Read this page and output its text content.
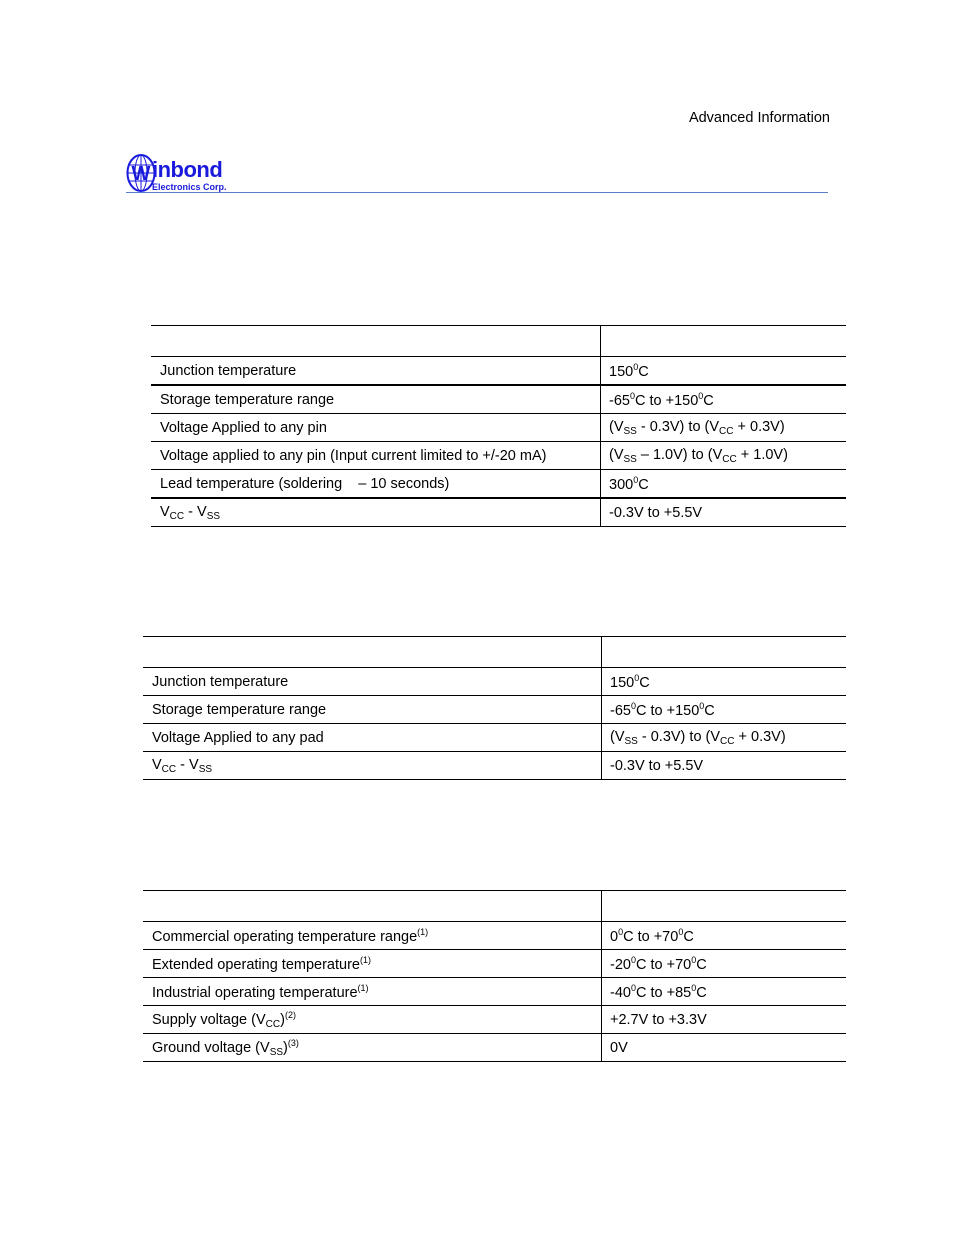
Advanced Information
W inbond
Electronics Corp.

Junction temperature	$150^0C$
Storage temperature range	$-65^0C$ to $+150^0C$
Voltage Applied to any pin	$(V_{SS} - 0.3V)$ to $(V_{CC} + 0.3V)$
Voltage applied to any pin (Input current limited to +/-20 mA)	$(V_{SS} - 1.0V)$ to $(V_{CC} + 1.0V)$
Lead temperature (soldering    – 10 seconds)	$300^0C$
$V_{CC} - V_{SS}$	-0.3V to +5.5V

Junction temperature	$150^0C$
Storage temperature range	$-65^0C$ to $+150^0C$
Voltage Applied to any pad	$(V_{SS} - 0.3V)$ to $(V_{CC} + 0.3V)$
$V_{CC} - V_{SS}$	-0.3V to +5.5V

Commercial operating temperature range$^{(1)}$	$0^0C$ to $+70^0C$
Extended operating temperature$^{(1)}$	$-20^0C$ to $+70^0C$
Industrial operating temperature$^{(1)}$	$-40^0C$ to $+85^0C$
Supply voltage $(V_{CC})^{(2)}$	+2.7V to +3.3V
Ground voltage $(V_{SS})^{(3)}$	0V
